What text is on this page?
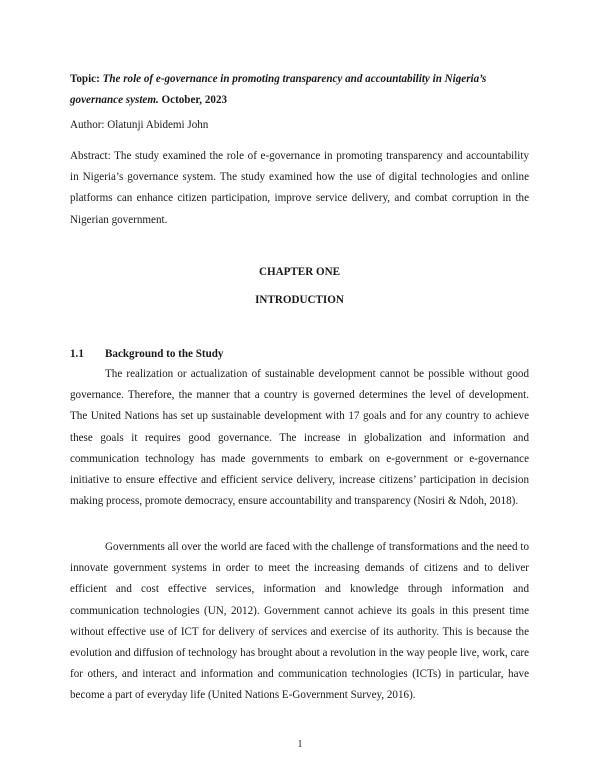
Topic: The role of e-governance in promoting transparency and accountability in Nigeria’s governance system. October, 2023

Author: Olatunji Abidemi John

Abstract: The study examined the role of e-governance in promoting transparency and accountability in Nigeria’s governance system. The study examined how the use of digital technologies and online platforms can enhance citizen participation, improve service delivery, and combat corruption in the Nigerian government.

CHAPTER ONE

INTRODUCTION

1.1 Background to the Study

The realization or actualization of sustainable development cannot be possible without good governance. Therefore, the manner that a country is governed determines the level of development. The United Nations has set up sustainable development with 17 goals and for any country to achieve these goals it requires good governance. The increase in globalization and information and communication technology has made governments to embark on e-government or e-governance initiative to ensure effective and efficient service delivery, increase citizens’ participation in decision making process, promote democracy, ensure accountability and transparency (Nosiri & Ndoh, 2018).

Governments all over the world are faced with the challenge of transformations and the need to innovate government systems in order to meet the increasing demands of citizens and to deliver efficient and cost effective services, information and knowledge through information and communication technologies (UN, 2012). Government cannot achieve its goals in this present time without effective use of ICT for delivery of services and exercise of its authority. This is because the evolution and diffusion of technology has brought about a revolution in the way people live, work, care for others, and interact and information and communication technologies (ICTs) in particular, have become a part of everyday life (United Nations E-Government Survey, 2016).

1
